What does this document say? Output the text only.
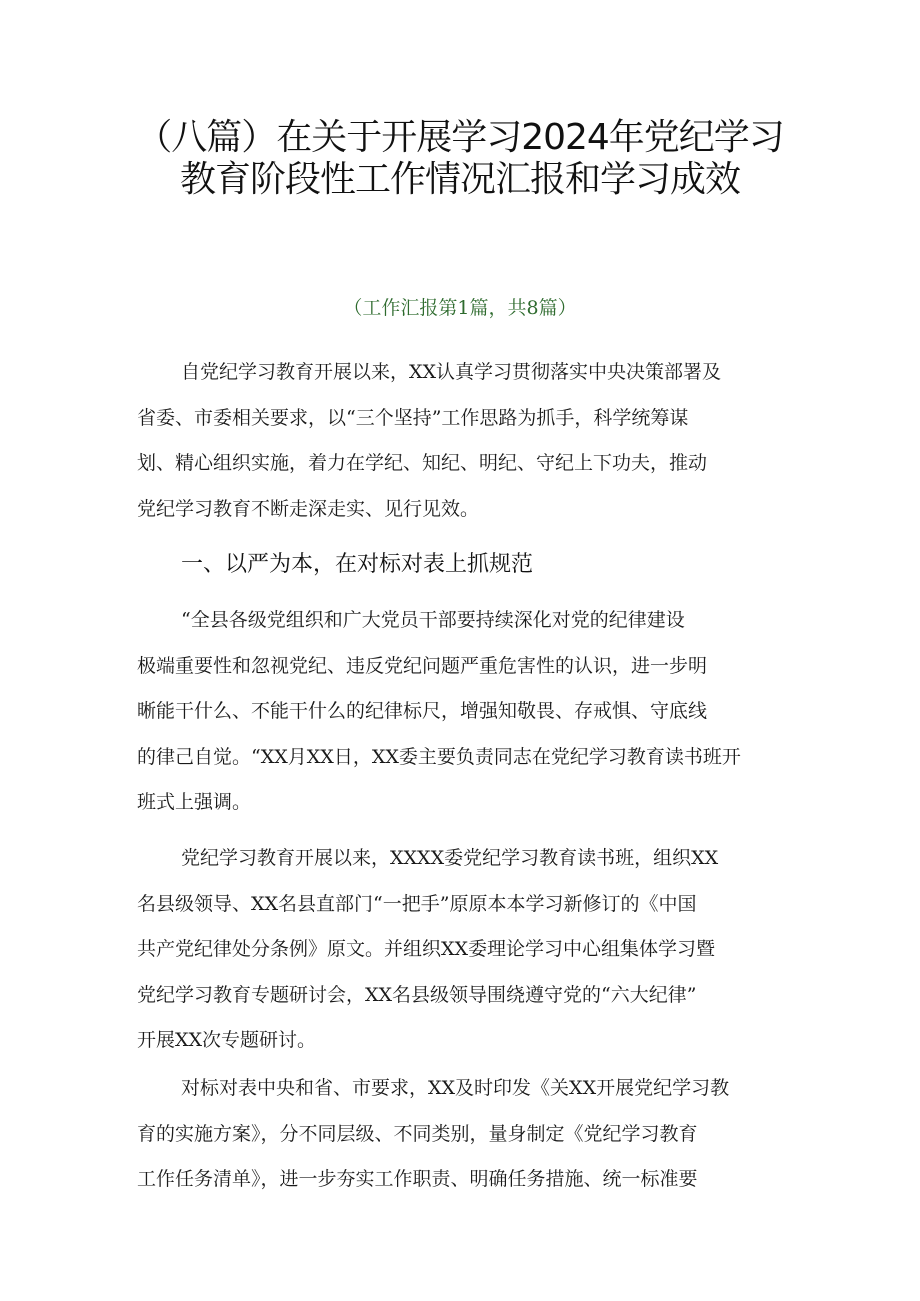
（八篇）在关于开展学习2024年党纪学习
教育阶段性工作情况汇报和学习成效
（工作汇报第1篇，共8篇）
自党纪学习教育开展以来，XX认真学习贯彻落实中央决策部署及
省委、市委相关要求，以“三个坚持”工作思路为抓手，科学统筹谋
划、精心组织实施，着力在学纪、知纪、明纪、守纪上下功夫，推动
党纪学习教育不断走深走实、见行见效。
一、以严为本，在对标对表上抓规范
“全县各级党组织和广大党员干部要持续深化对党的纪律建设
极端重要性和忽视党纪、违反党纪问题严重危害性的认识，进一步明
晰能干什么、不能干什么的纪律标尺，增强知敬畏、存戒惧、守底线
的律己自觉。“XX月XX日，XX委主要负责同志在党纪学习教育读书班开
班式上强调。
党纪学习教育开展以来，XXXX委党纪学习教育读书班，组织XX
名县级领导、XX名县直部门“一把手”原原本本学习新修订的《中国
共产党纪律处分条例》原文。并组织XX委理论学习中心组集体学习暨
党纪学习教育专题研讨会，XX名县级领导围绕遵守党的“六大纪律”
开展XX次专题研讨。
对标对表中央和省、市要求，XX及时印发《关XX开展党纪学习教
育的实施方案》，分不同层级、不同类别，量身制定《党纪学习教育
工作任务清单》，进一步夯实工作职责、明确任务措施、统一标准要
